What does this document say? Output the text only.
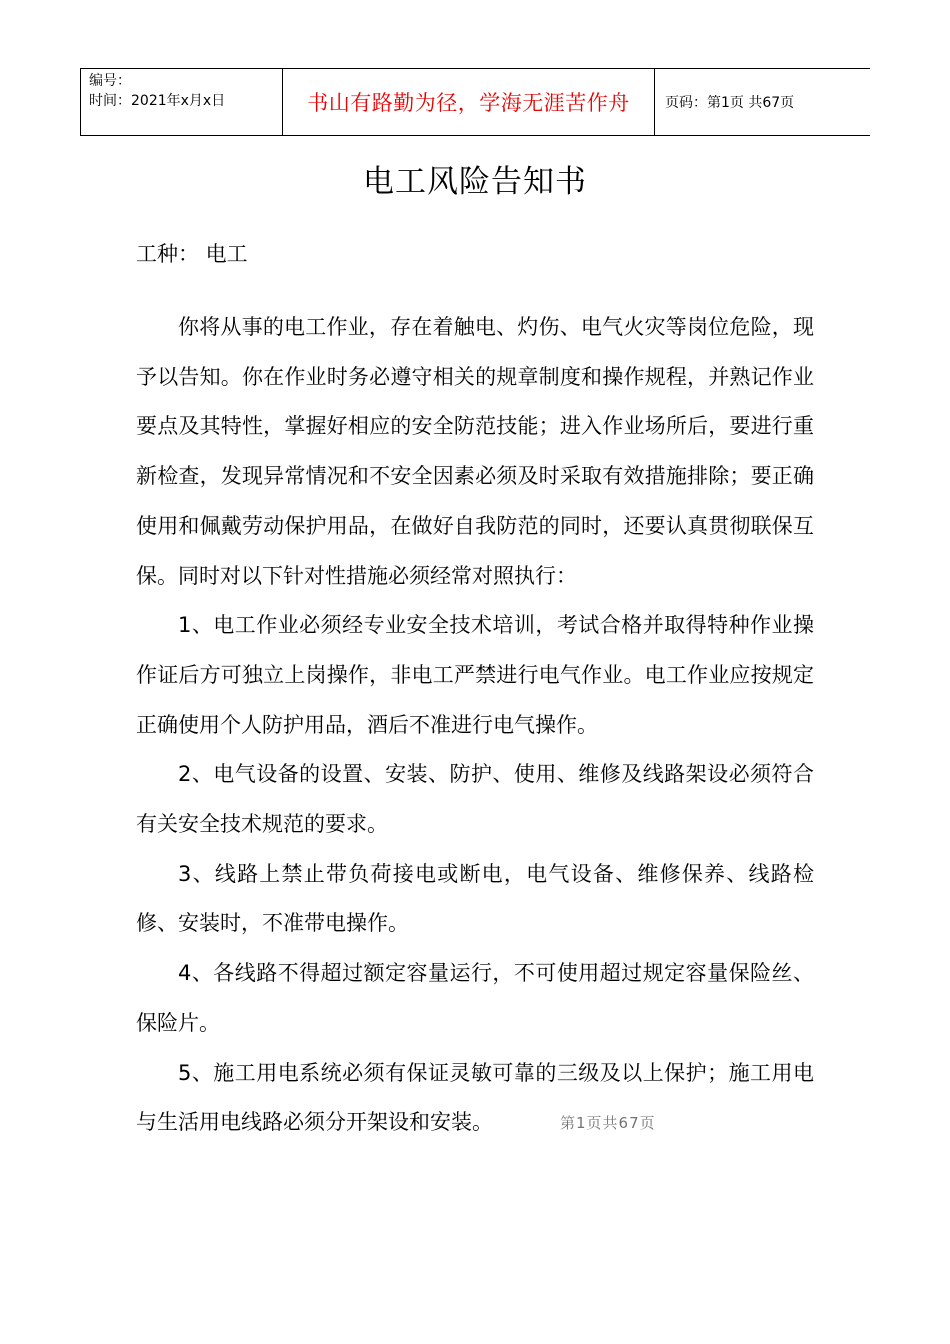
编号：
时间：2021年x月x日	书山有路勤为径，学海无涯苦作舟	页码：第1页 共67页
电工风险告知书
工种： 电工

你将从事的电工作业，存在着触电、灼伤、电气火灾等岗位危险，现予以告知。你在作业时务必遵守相关的规章制度和操作规程，并熟记作业要点及其特性，掌握好相应的安全防范技能；进入作业场所后，要进行重新检查，发现异常情况和不安全因素必须及时采取有效措施排除；要正确使用和佩戴劳动保护用品，在做好自我防范的同时，还要认真贯彻联保互保。同时对以下针对性措施必须经常对照执行：

1、电工作业必须经专业安全技术培训，考试合格并取得特种作业操作证后方可独立上岗操作，非电工严禁进行电气作业。电工作业应按规定正确使用个人防护用品，酒后不准进行电气操作。

2、电气设备的设置、安装、防护、使用、维修及线路架设必须符合有关安全技术规范的要求。

3、线路上禁止带负荷接电或断电，电气设备、维修保养、线路检修、安装时，不准带电操作。

4、各线路不得超过额定容量运行，不可使用超过规定容量保险丝、保险片。

5、施工用电系统必须有保证灵敏可靠的三级及以上保护；施工用电与生活用电线路必须分开架设和安装。	第1页共67页
